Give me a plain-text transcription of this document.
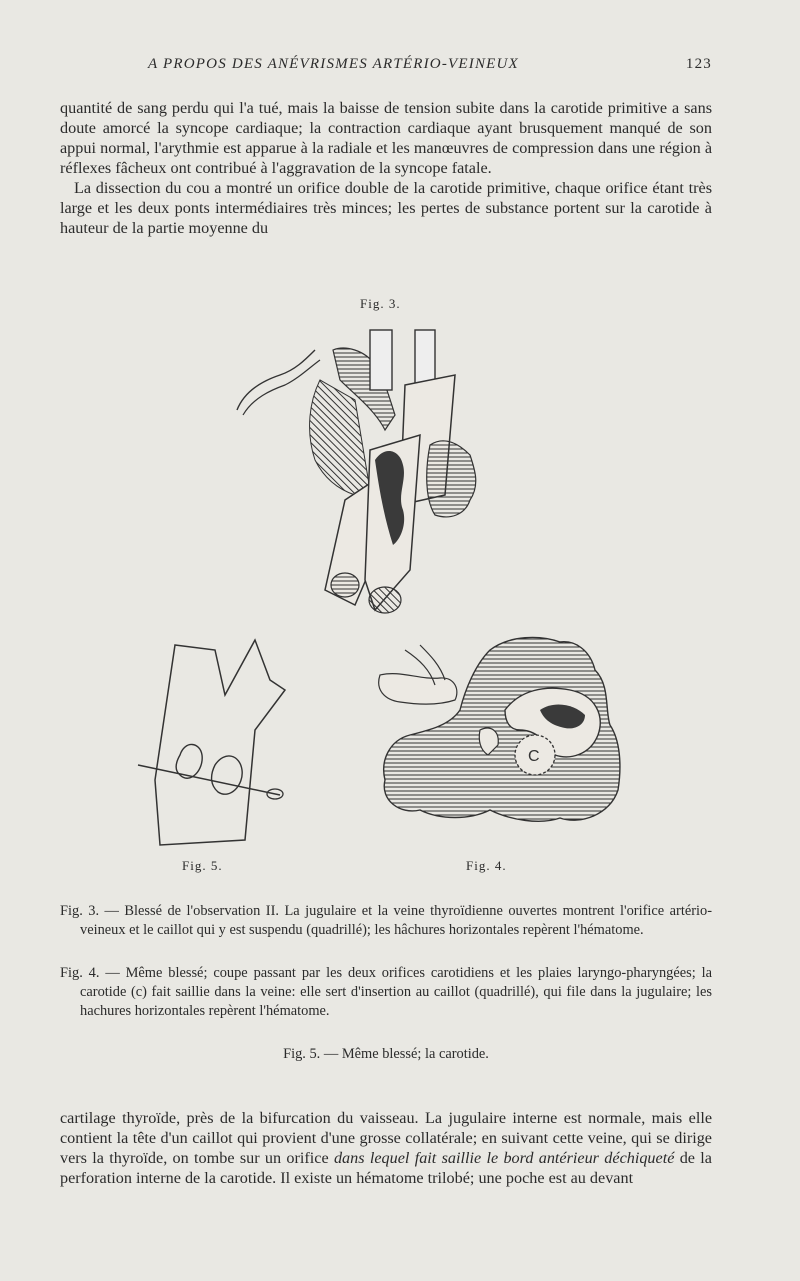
A PROPOS DES ANÉVRISMES ARTÉRIO-VEINEUX	123

quantité de sang perdu qui l'a tué, mais la baisse de tension subite dans la carotide primitive a sans doute amorcé la syncope cardiaque; la contraction cardiaque ayant brusquement manqué de son appui normal, l'arythmie est apparue à la radiale et les manœuvres de compression dans une région à réflexes fâcheux ont contribué à l'aggravation de la syncope fatale.

La dissection du cou a montré un orifice double de la carotide primitive, chaque orifice étant très large et les deux ponts intermédiaires très minces; les pertes de substance portent sur la carotide à hauteur de la partie moyenne du

Fig. 3.
C
Fig. 5.	Fig. 4.

Fig. 3. — Blessé de l'observation II. La jugulaire et la veine thyroïdienne ouvertes montrent l'orifice artério-veineux et le caillot qui y est suspendu (quadrillé); les hâchures horizontales repèrent l'hématome.

Fig. 4. — Même blessé; coupe passant par les deux orifices carotidiens et les plaies laryngo-pharyngées; la carotide (c) fait saillie dans la veine: elle sert d'insertion au caillot (quadrillé), qui file dans la jugulaire; les hachures horizontales repèrent l'hématome.

Fig. 5. — Même blessé; la carotide.

cartilage thyroïde, près de la bifurcation du vaisseau. La jugulaire interne est normale, mais elle contient la tête d'un caillot qui provient d'une grosse collatérale; en suivant cette veine, qui se dirige vers la thyroïde, on tombe sur un orifice dans lequel fait saillie le bord antérieur déchiqueté de la perforation interne de la carotide. Il existe un hématome trilobé; une poche est au devant
